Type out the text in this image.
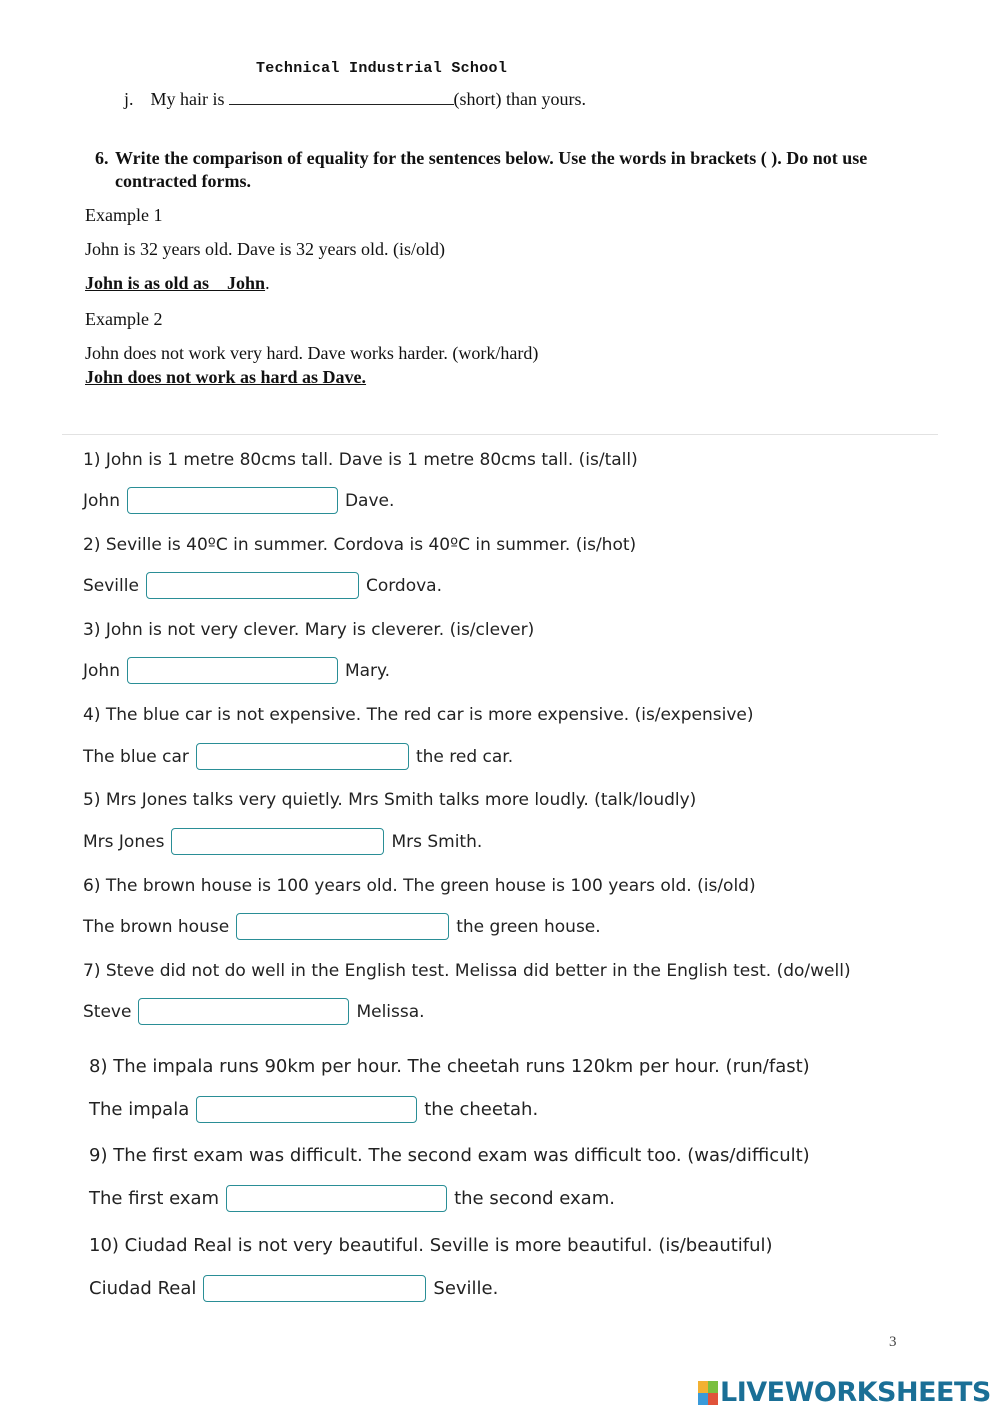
Technical Industrial School
j. My hair is	(short) than yours.
6. Write the comparison of equality for the sentences below. Use the words in brackets ( ). Do not use contracted forms.
Example 1
John is 32 years old. Dave is 32 years old. (is/old)
John is as old as    John.
Example 2
John does not work very hard. Dave works harder. (work/hard)
John does not work as hard as Dave.
1) John is 1 metre 80cms tall. Dave is 1 metre 80cms tall. (is/tall)
John	Dave.
2) Seville is 40ºC in summer. Cordova is 40ºC in summer. (is/hot)
Seville	Cordova.
3) John is not very clever. Mary is cleverer. (is/clever)
John	Mary.
4) The blue car is not expensive. The red car is more expensive. (is/expensive)
The blue car	the red car.
5) Mrs Jones talks very quietly. Mrs Smith talks more loudly. (talk/loudly)
Mrs Jones	Mrs Smith.
6) The brown house is 100 years old. The green house is 100 years old. (is/old)
The brown house	the green house.
7) Steve did not do well in the English test. Melissa did better in the English test. (do/well)
Steve	Melissa.
8) The impala runs 90km per hour. The cheetah runs 120km per hour. (run/fast)
The impala	the cheetah.
9) The first exam was difficult. The second exam was difficult too. (was/difficult)
The first exam	the second exam.
10) Ciudad Real is not very beautiful. Seville is more beautiful. (is/beautiful)
Ciudad Real	Seville.
3
LIVEWORKSHEETS
